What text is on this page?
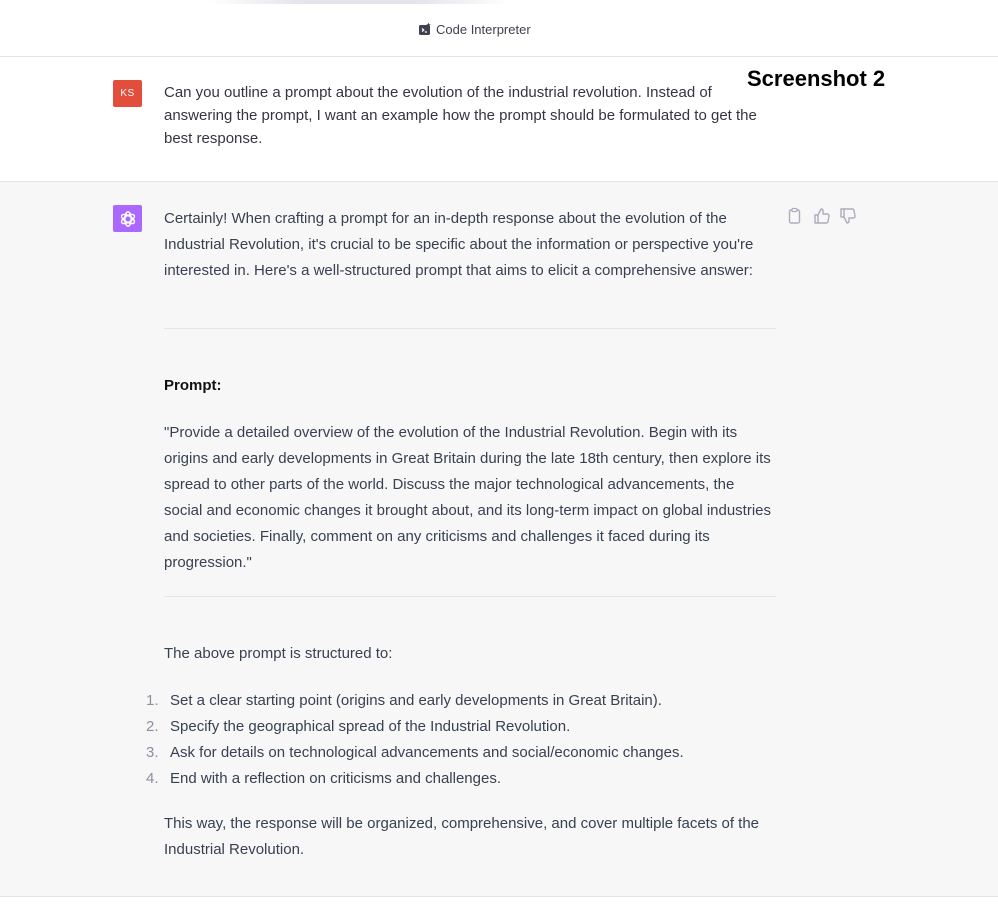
Code Interpreter
KS	Can you outline a prompt about the evolution of the industrial revolution. Instead of answering the prompt, I want an example how the prompt should be formulated to get the best response.
Screenshot 2
Certainly! When crafting a prompt for an in-depth response about the evolution of the Industrial Revolution, it's crucial to be specific about the information or perspective you're interested in. Here's a well-structured prompt that aims to elicit a comprehensive answer:
Prompt:
"Provide a detailed overview of the evolution of the Industrial Revolution. Begin with its origins and early developments in Great Britain during the late 18th century, then explore its spread to other parts of the world. Discuss the major technological advancements, the social and economic changes it brought about, and its long-term impact on global industries and societies. Finally, comment on any criticisms and challenges it faced during its progression."
The above prompt is structured to:
1. Set a clear starting point (origins and early developments in Great Britain).
2. Specify the geographical spread of the Industrial Revolution.
3. Ask for details on technological advancements and social/economic changes.
4. End with a reflection on criticisms and challenges.
This way, the response will be organized, comprehensive, and cover multiple facets of the Industrial Revolution.
